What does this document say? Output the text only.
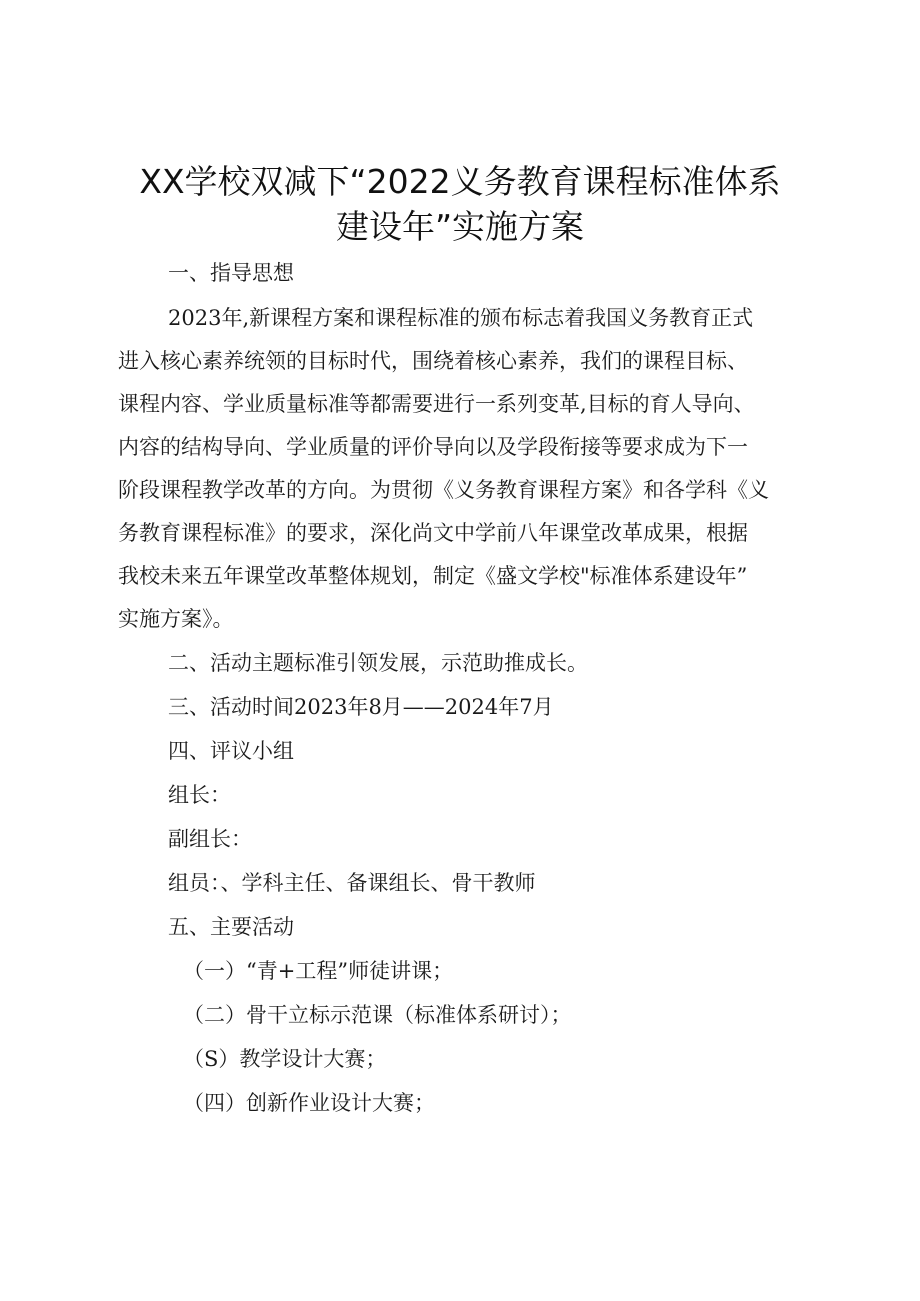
XX学校双减下“2022义务教育课程标准体系
建设年”实施方案
一、指导思想
2023年,新课程方案和课程标准的颁布标志着我国义务教育正式
进入核心素养统领的目标时代，围绕着核心素养，我们的课程目标、
课程内容、学业质量标准等都需要进行一系列变革,目标的育人导向、
内容的结构导向、学业质量的评价导向以及学段衔接等要求成为下一
阶段课程教学改革的方向。为贯彻《义务教育课程方案》和各学科《义
务教育课程标准》的要求，深化尚文中学前八年课堂改革成果，根据
我校未来五年课堂改革整体规划，制定《盛文学校"标准体系建设年”
实施方案》。
二、活动主题标准引领发展，示范助推成长。
三、活动时间2023年8月——2024年7月
四、评议小组
组长：
副组长：
组员：、学科主任、备课组长、骨干教师
五、主要活动
（一）“青+工程”师徒讲课；
（二）骨干立标示范课（标准体系研讨）；
（S）教学设计大赛；
（四）创新作业设计大赛；
